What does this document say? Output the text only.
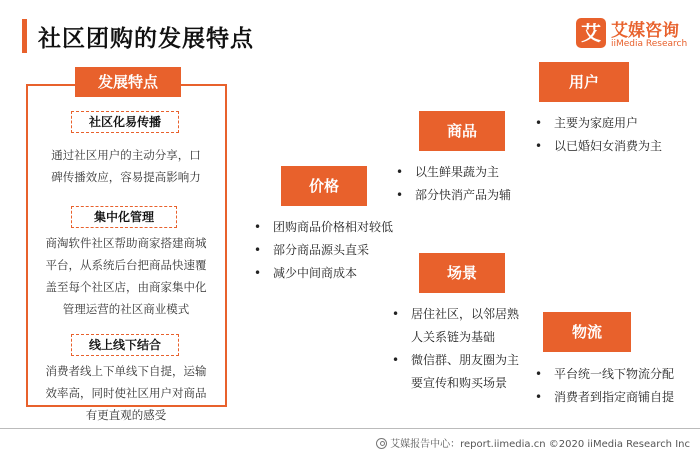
社区团购的发展特点	艾 艾媒咨询
iiMedia Research
发展特点
社区化易传播
通过社区用户的主动分享，口
碑传播效应，容易提高影响力
集中化管理
商淘软件社区帮助商家搭建商城
平台，从系统后台把商品快速覆
盖至每个社区店，由商家集中化
管理运营的社区商业模式
线上线下结合
消费者线上下单线下自提，运输
效率高，同时使社区用户对商品
有更直观的感受
用户
• 主要为家庭用户
• 以已婚妇女消费为主
商品
• 以生鲜果蔬为主
• 部分快消产品为辅
价格
• 团购商品价格相对较低
• 部分商品源头直采
• 减少中间商成本	场景
• 居住社区，以邻居熟
人关系链为基础
• 微信群、朋友圈为主
要宣传和购买场景
物流
• 平台统一线下物流分配
• 消费者到指定商铺自提
艾媒报告中心：report.iimedia.cn ©2020 iiMedia Research Inc
